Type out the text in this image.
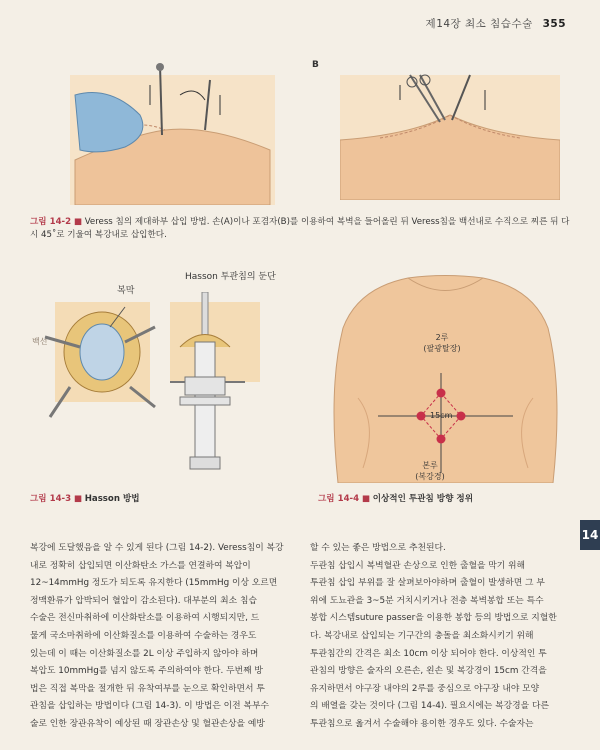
제14장 최소 침습수술 355
B
그림 14-2 ■ Veress 침의 제대하부 삽입 방법. 손(A)이나 포겸자(B)를 이용하여 복벽을 들어올린 뒤 Veress침을 백선내로 수직으로 찌른 뒤 다시 45˚로 기울여 복강내로 삽입한다.
Hasson 투관침의 둔단
복막
백선
그림 14-3 ■ Hasson 방법
2루
(팔광탈장)
15cm
본루
(복강경)
그림 14-4 ■ 이상적인 투관침 방향 정위
14

복강에 도달했음을 알 수 있게 된다 (그림 14-2). Veress침이 복강

내로 정확히 삽입되면 이산화탄소 가스를 연결하여 복압이

12~14mmHg 정도가 되도록 유지한다 (15mmHg 이상 오르면

정맥환류가 압박되어 혈압이 감소된다). 대부분의 최소 침습

수술은 전신마취하에 이산화탄소를 이용하여 시행되지만, 드

물게 국소마취하에 이산화질소를 이용하여 수술하는 경우도

있는데 이 때는 이산화질소를 2L 이상 주입하지 않아야 하며

복압도 10mmHg를 넘지 않도록 주의하여야 한다. 두번째 방

법은 직접 복막을 절개한 뒤 유착여부를 눈으로 확인하면서 투

관침을 삽입하는 방법이다 (그림 14-3). 이 방법은 이전 복부수

술로 인한 장관유착이 예상된 때 장관손상 및 혈관손상을 예방

할 수 있는 좋은 방법으로 추천된다.

두관침 삽입시 복벽혈관 손상으로 인한 출혈을 막기 위해

투관침 삽입 부위를 잘 살펴보아야하며 출혈이 발생하면 그 부

위에 도뇨관을 3~5분 거치시키거나 전층 복벽봉합 또는 특수

봉합 시스템suture passer을 이용한 봉합 등의 방법으로 지혈한

다. 복강내로 삽입되는 기구간의 충돌을 최소화시키기 위해

투관침간의 간격은 최소 10cm 이상 되어야 한다. 이상적인 투

관침의 방향은 술자의 오른손, 왼손 및 복강경이 15cm 간격을

유지하면서 야구장 내야의 2루를 중심으로 야구장 내야 모양

의 배열을 갖는 것이다 (그림 14-4). 필요시에는 복강경을 다른

투관침으로 옮겨서 수술해야 용이한 경우도 있다. 수술자는
